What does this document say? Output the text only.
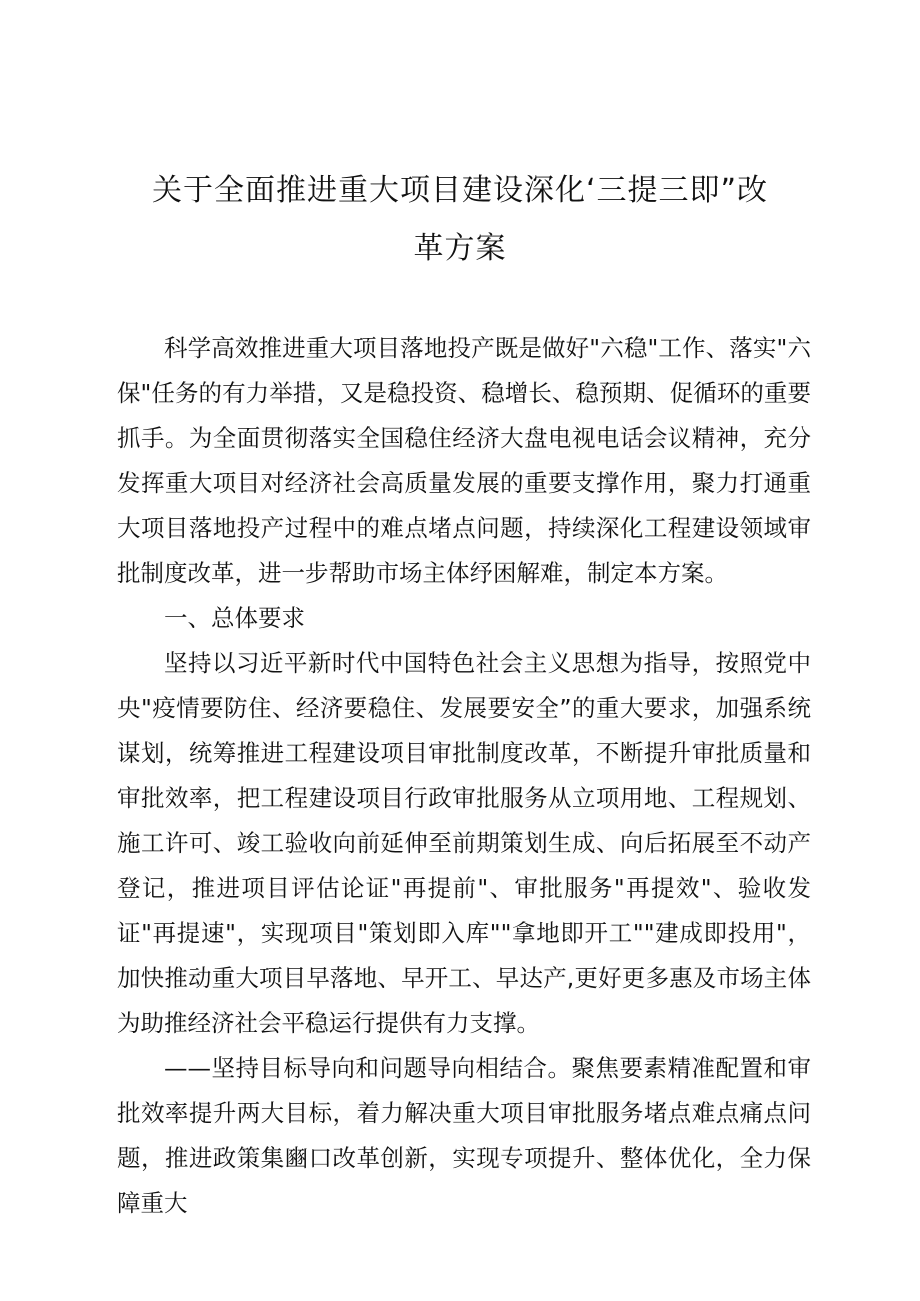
关于全面推进重大项目建设深化‘三提三即”改
革方案

科学高效推进重大项目落地投产既是做好"六稳"工作、落实"六保"任务的有力举措，又是稳投资、稳增长、稳预期、促循环的重要抓手。为全面贯彻落实全国稳住经济大盘电视电话会议精神，充分发挥重大项目对经济社会高质量发展的重要支撑作用，聚力打通重大项目落地投产过程中的难点堵点问题，持续深化工程建设领域审批制度改革，进一步帮助市场主体纾困解难，制定本方案。

一、总体要求

坚持以习近平新时代中国特色社会主义思想为指导，按照党中央"疫情要防住、经济要稳住、发展要安全”的重大要求，加强系统谋划，统筹推进工程建设项目审批制度改革，不断提升审批质量和审批效率，把工程建设项目行政审批服务从立项用地、工程规划、施工许可、竣工验收向前延伸至前期策划生成、向后拓展至不动产登记，推进项目评估论证"再提前"、审批服务"再提效"、验收发证"再提速"，实现项目"策划即入库""拿地即开工""建成即投用"，加快推动重大项目早落地、早开工、早达产,更好更多惠及市场主体为助推经济社会平稳运行提供有力支撑。

——坚持目标导向和问题导向相结合。聚焦要素精准配置和审批效率提升两大目标，着力解决重大项目审批服务堵点难点痛点问题，推进政策集豳口改革创新，实现专项提升、整体优化，全力保障重大
